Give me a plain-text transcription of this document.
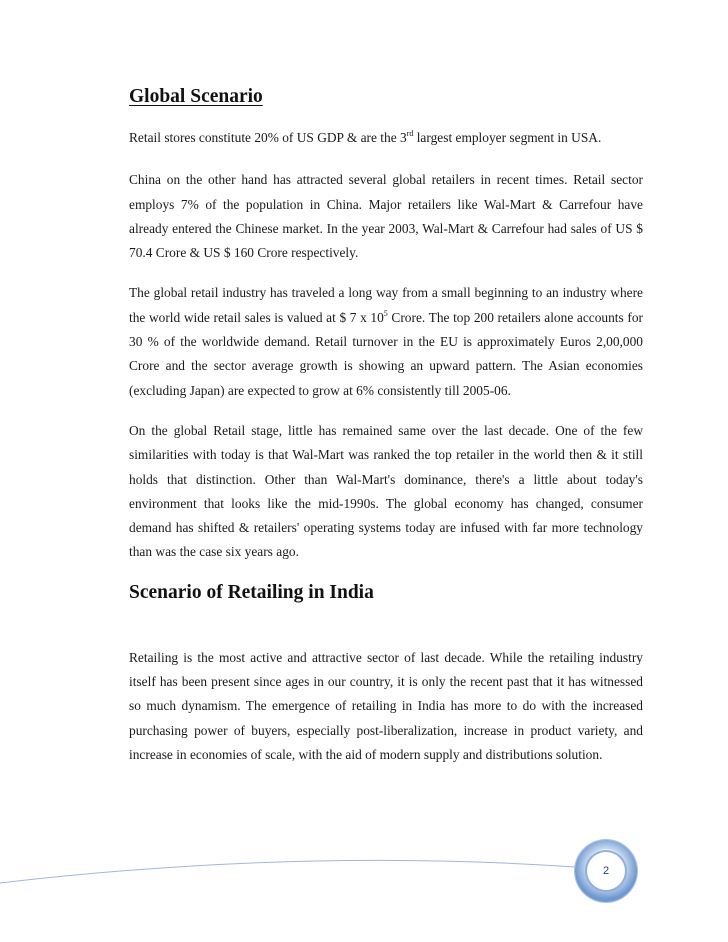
Global Scenario

Retail stores constitute 20% of US GDP & are the 3rd largest employer segment in USA.

China on the other hand has attracted several global retailers in recent times. Retail sector employs 7% of the population in China. Major retailers like Wal-Mart & Carrefour have already entered the Chinese market. In the year 2003, Wal-Mart & Carrefour had sales of US $ 70.4 Crore & US $ 160 Crore respectively.

The global retail industry has traveled a long way from a small beginning to an industry where the world wide retail sales is valued at $ 7 x $10^5$ Crore. The top 200 retailers alone accounts for 30 % of the worldwide demand. Retail turnover in the EU is approximately Euros 2,00,000 Crore and the sector average growth is showing an upward pattern. The Asian economies (excluding Japan) are expected to grow at 6% consistently till 2005-06.

On the global Retail stage, little has remained same over the last decade. One of the few similarities with today is that Wal-Mart was ranked the top retailer in the world then & it still holds that distinction. Other than Wal-Mart's dominance, there's a little about today's environment that looks like the mid-1990s. The global economy has changed, consumer demand has shifted & retailers' operating systems today are infused with far more technology than was the case six years ago.

Scenario of Retailing in India

Retailing is the most active and attractive sector of last decade. While the retailing industry itself has been present since ages in our country, it is only the recent past that it has witnessed so much dynamism. The emergence of retailing in India has more to do with the increased purchasing power of buyers, especially post-liberalization, increase in product variety, and increase in economies of scale, with the aid of modern supply and distributions solution.

2
